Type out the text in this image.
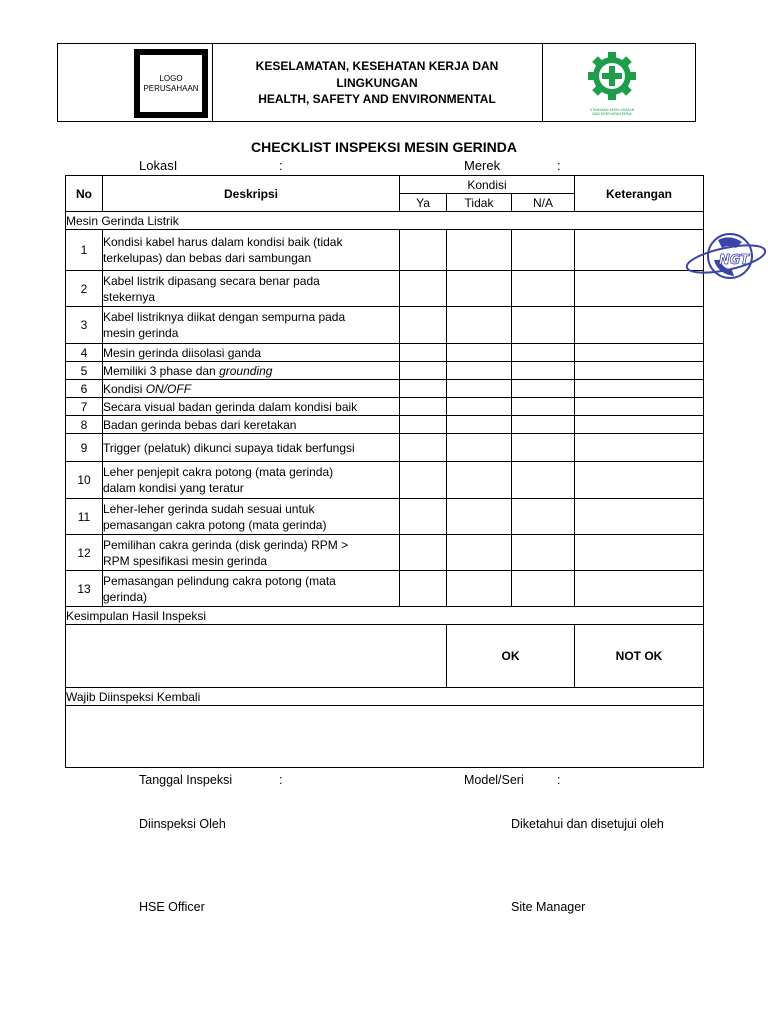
LOGO
PERUSAHAAN
KESELAMATAN, KESEHATAN KERJA DAN
LINGKUNGAN
HEALTH, SAFETY AND ENVIRONMENTAL
UTAMAKAN KESELAMATAN
DAN KESEHATAN KERJA
CHECKLIST INSPEKSI MESIN GERINDA
LokasI	:	Merek	:
No	Deskripsi	Kondisi			Keterangan
		Ya	Tidak	N/A	
Mesin Gerinda Listrik					
1	Kondisi kabel harus dalam kondisi baik (tidak
terkelupas) dan bebas dari sambungan				

2	Kabel listrik dipasang secara benar pada
stekernya				

3	Kabel listriknya diikat dengan sempurna pada
mesin gerinda				

4	Mesin gerinda diisolasi ganda				
5	Memiliki 3 phase dan grounding				
6	Kondisi ON/OFF				
7	Secara visual badan gerinda dalam kondisi baik				
8	Badan gerinda bebas dari keretakan				
9	Trigger (pelatuk) dikunci supaya tidak berfungsi				
10	Leher penjepit cakra potong (mata gerinda)
dalam kondisi yang teratur				

11	Leher-leher gerinda sudah sesuai untuk
pemasangan cakra potong (mata gerinda)				

12	Pemilihan cakra gerinda (disk gerinda) RPM >
RPM spesifikasi mesin gerinda				

13	Pemasangan pelindung cakra potong (mata
gerinda)				

Kesimpulan Hasil Inspeksi					
			OK		NOT OK
Wajib Diinspeksi Kembali					

NGT
Tanggal Inspeksi	:	Model/Seri	:
Diinspeksi Oleh	Diketahui dan disetujui oleh
HSE Officer	Site Manager
